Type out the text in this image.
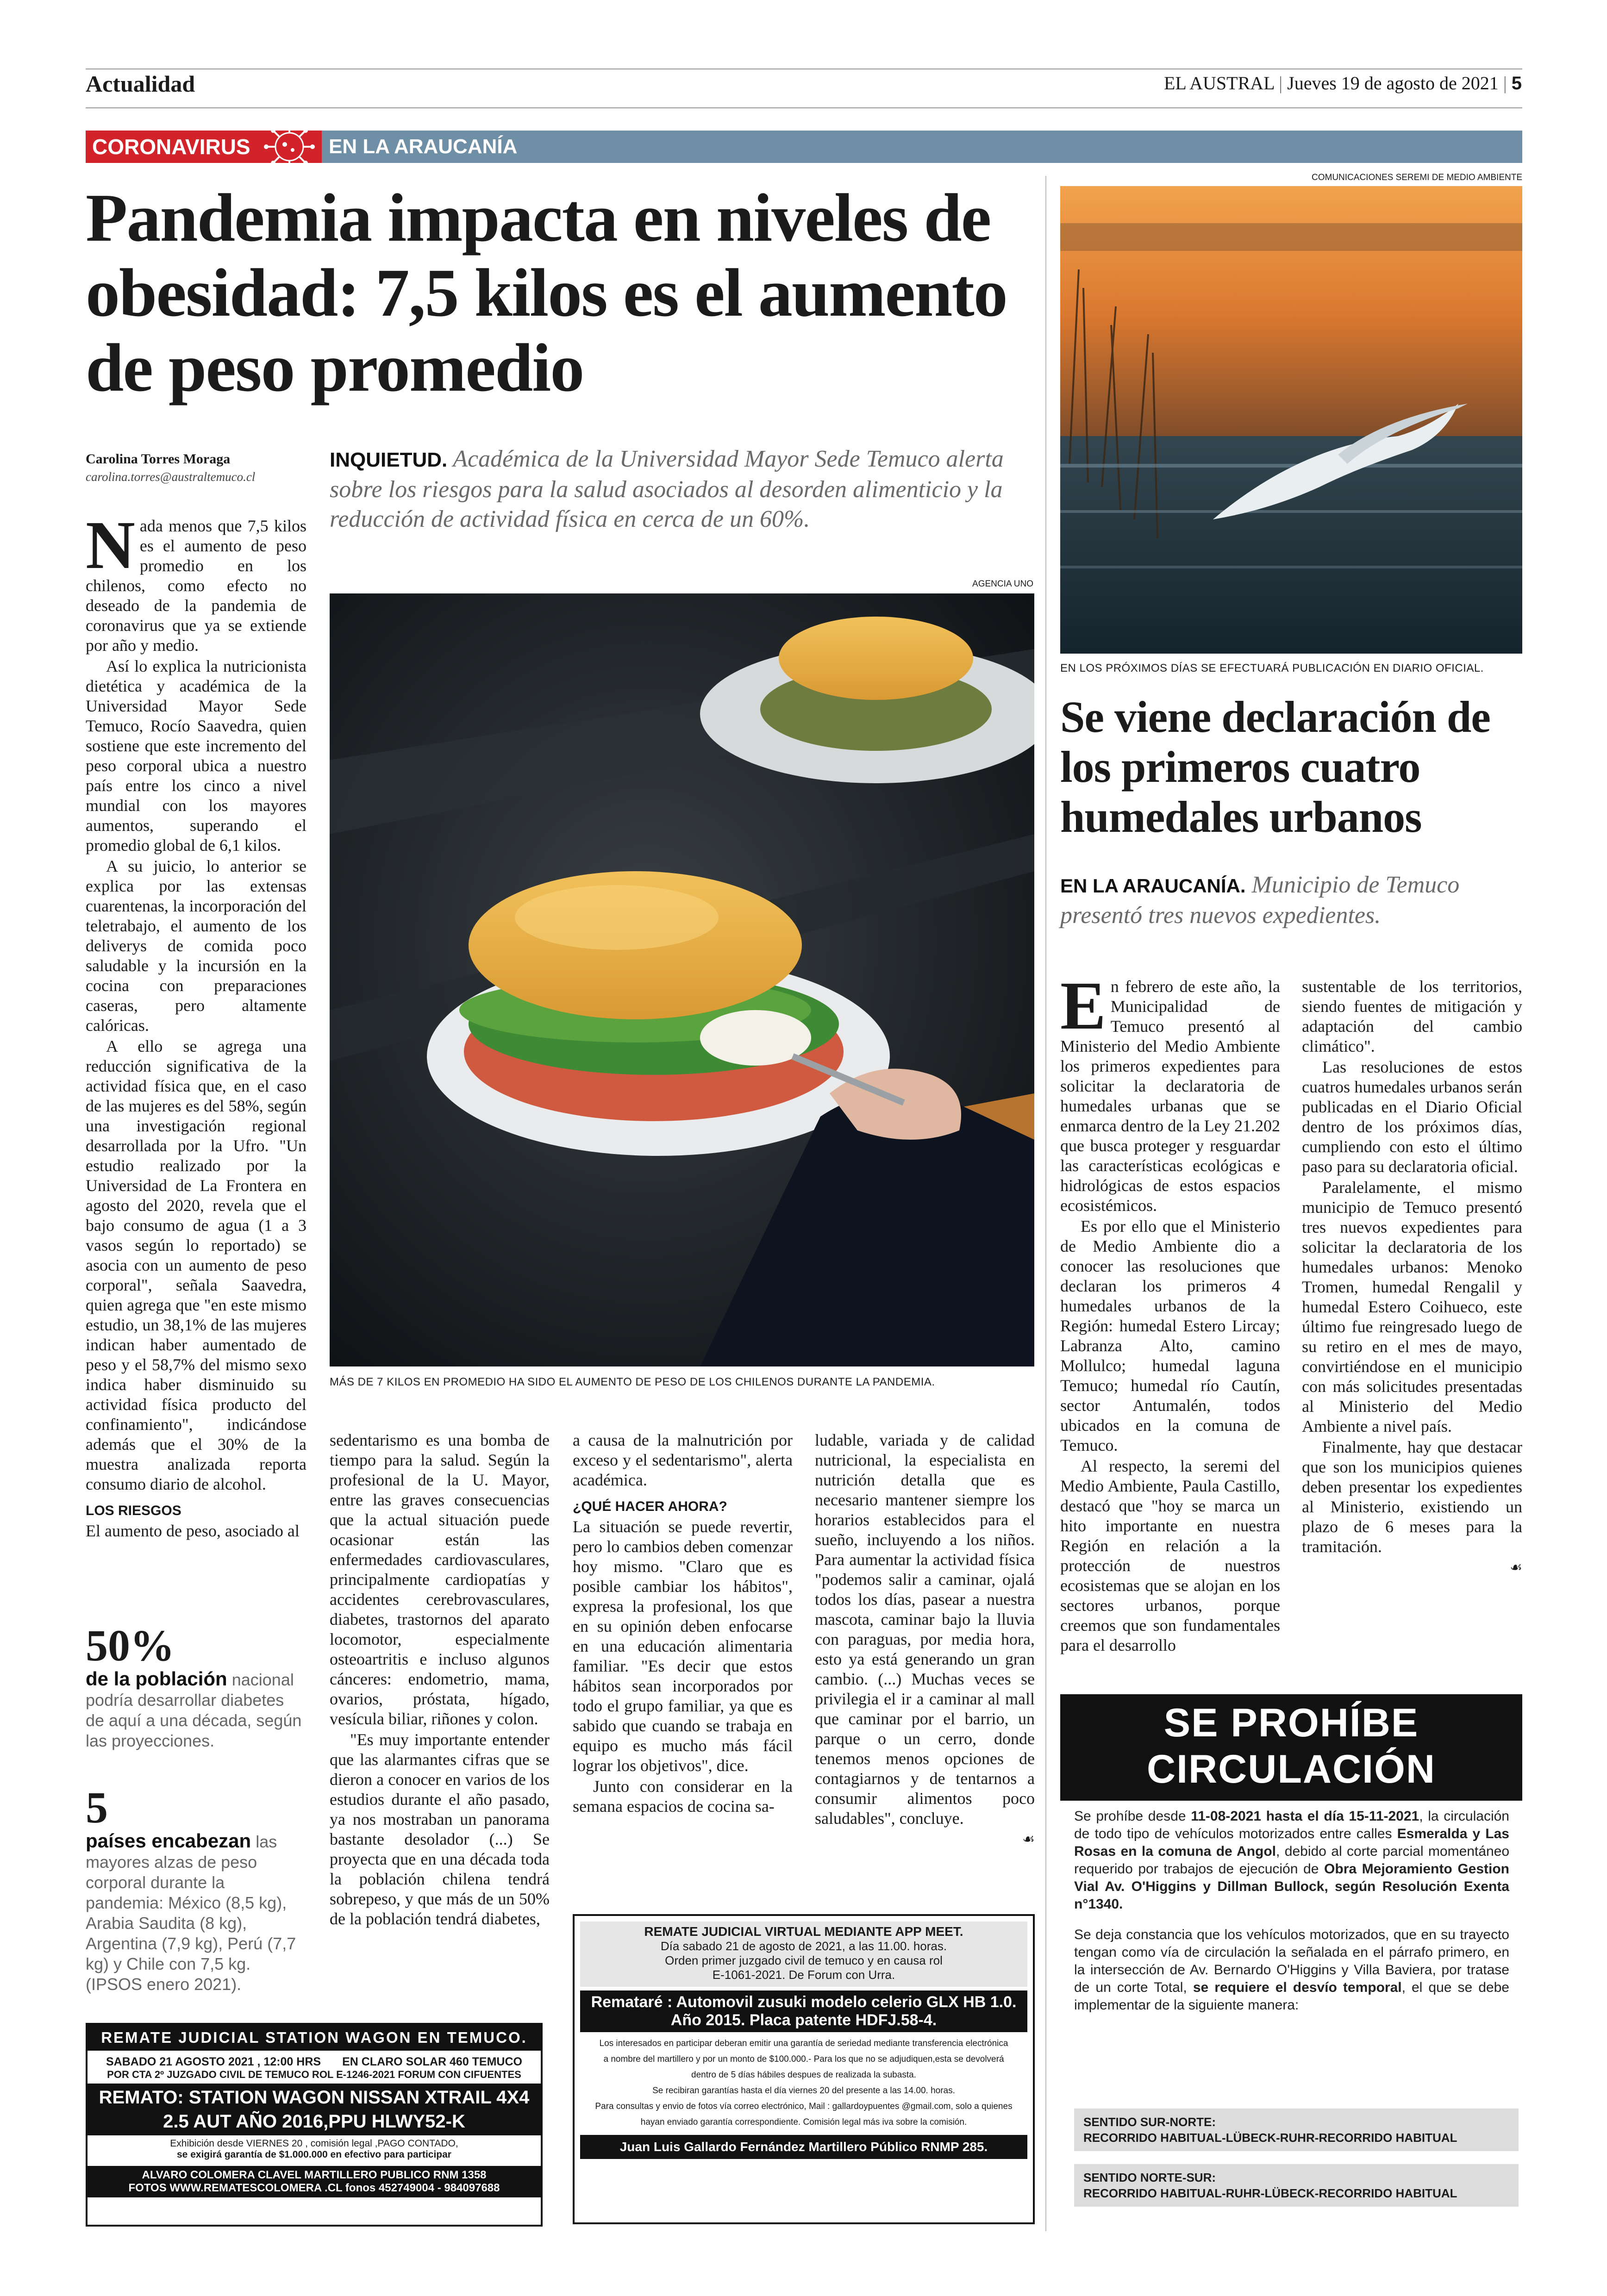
Actualidad	EL AUSTRAL | Jueves 19 de agosto de 2021 | 5
CORONAVIRUS	EN LA ARAUCANÍA
Pandemia impacta en niveles de obesidad: 7,5 kilos es el aumento de peso promedio
Carolina Torres Moraga
carolina.torres@australtemuco.cl
INQUIETUD. Académica de la Universidad Mayor Sede Temuco alerta sobre los riesgos para la salud asociados al desorden alimenticio y la reducción de actividad física en cerca de un 60%.
AGENCIA UNO
MÁS DE 7 KILOS EN PROMEDIO HA SIDO EL AUMENTO DE PESO DE LOS CHILENOS DURANTE LA PANDEMIA.

Nada menos que 7,5 kilos es el aumento de peso promedio en los chilenos, como efecto no deseado de la pandemia de coronavirus que ya se extiende por año y medio.

Así lo explica la nutricionista dietética y académica de la Universidad Mayor Sede Temuco, Rocío Saavedra, quien sostiene que este incremento del peso corporal ubica a nuestro país entre los cinco a nivel mundial con los mayores aumentos, superando el promedio global de 6,1 kilos.

A su juicio, lo anterior se explica por las extensas cuarentenas, la incorporación del teletrabajo, el aumento de los deliverys de comida poco saludable y la incursión en la cocina con preparaciones caseras, pero altamente calóricas.

A ello se agrega una reducción significativa de la actividad física que, en el caso de las mujeres es del 58%, según una investigación regional desarrollada por la Ufro. "Un estudio realizado por la Universidad de La Frontera en agosto del 2020, revela que el bajo consumo de agua (1 a 3 vasos según lo reportado) se asocia con un aumento de peso corporal", señala Saavedra, quien agrega que "en este mismo estudio, un 38,1% de las mujeres indican haber aumentado de peso y el 58,7% del mismo sexo indica haber disminuido su actividad física producto del confinamiento", indicándose además que el 30% de la muestra analizada reporta consumo diario de alcohol.

LOS RIESGOS

El aumento de peso, asociado al

50%
de la población nacional podría desarrollar diabetes de aquí a una década, según las proyecciones.
5
países encabezan las mayores alzas de peso corporal durante la pandemia: México (8,5 kg), Arabia Saudita (8 kg), Argentina (7,9 kg), Perú (7,7 kg) y Chile con 7,5 kg. (IPSOS enero 2021).

sedentarismo es una bomba de tiempo para la salud. Según la profesional de la U. Mayor, entre las graves consecuencias que la actual situación puede ocasionar están las enfermedades cardiovasculares, principalmente cardiopatías y accidentes cerebrovasculares, diabetes, trastornos del aparato locomotor, especialmente osteoartritis e incluso algunos cánceres: endometrio, mama, ovarios, próstata, hígado, vesícula biliar, riñones y colon.

"Es muy importante entender que las alarmantes cifras que se dieron a conocer en varios de los estudios durante el año pasado, ya nos mostraban un panorama bastante desolador (...) Se proyecta que en una década toda la población chilena tendrá sobrepeso, y que más de un 50% de la población tendrá diabetes,

a causa de la malnutrición por exceso y el sedentarismo", alerta académica.

¿QUÉ HACER AHORA?

La situación se puede revertir, pero lo cambios deben comenzar hoy mismo. "Claro que es posible cambiar los hábitos", expresa la profesional, los que en su opinión deben enfocarse en una educación alimentaria familiar. "Es decir que estos hábitos sean incorporados por todo el grupo familiar, ya que es sabido que cuando se trabaja en equipo es mucho más fácil lograr los objetivos", dice.

Junto con considerar en la semana espacios de cocina sa-

ludable, variada y de calidad nutricional, la especialista en nutrición detalla que es necesario mantener siempre los horarios establecidos para el sueño, incluyendo a los niños. Para aumentar la actividad física "podemos salir a caminar, ojalá todos los días, pasear a nuestra mascota, caminar bajo la lluvia con paraguas, por media hora, esto ya está generando un gran cambio. (...) Muchas veces se privilegia el ir a caminar al mall que caminar por el barrio, un parque o un cerro, donde tenemos menos opciones de contagiarnos y de tentarnos a consumir alimentos poco saludables", concluye.

☙
COMUNICACIONES SEREMI DE MEDIO AMBIENTE
EN LOS PRÓXIMOS DÍAS SE EFECTUARÁ PUBLICACIÓN EN DIARIO OFICIAL.
Se viene declaración de los primeros cuatro humedales urbanos
EN LA ARAUCANÍA. Municipio de Temuco presentó tres nuevos expedientes.

En febrero de este año, la Municipalidad de Temuco presentó al Ministerio del Medio Ambiente los primeros expedientes para solicitar la declaratoria de humedales urbanas que se enmarca dentro de la Ley 21.202 que busca proteger y resguardar las características ecológicas e hidrológicas de estos espacios ecosistémicos.

Es por ello que el Ministerio de Medio Ambiente dio a conocer las resoluciones que declaran los primeros 4 humedales urbanos de la Región: humedal Estero Lircay; Labranza Alto, camino Mollulco; humedal laguna Temuco; humedal río Cautín, sector Antumalén, todos ubicados en la comuna de Temuco.

Al respecto, la seremi del Medio Ambiente, Paula Castillo, destacó que "hoy se marca un hito importante en nuestra Región en relación a la protección de nuestros ecosistemas que se alojan en los sectores urbanos, porque creemos que son fundamentales para el desarrollo

sustentable de los territorios, siendo fuentes de mitigación y adaptación del cambio climático".

Las resoluciones de estos cuatros humedales urbanos serán publicadas en el Diario Oficial dentro de los próximos días, cumpliendo con esto el último paso para su declaratoria oficial.

Paralelamente, el mismo municipio de Temuco presentó tres nuevos expedientes para solicitar la declaratoria de los humedales urbanos: Menoko Tromen, humedal Rengalil y humedal Estero Coihueco, este último fue reingresado luego de su retiro en el mes de mayo, convirtiéndose en el municipio con más solicitudes presentadas al Ministerio del Medio Ambiente a nivel país.

Finalmente, hay que destacar que son los municipios quienes deben presentar los expedientes al Ministerio, existiendo un plazo de 6 meses para la tramitación.

☙
REMATE JUDICIAL STATION WAGON EN TEMUCO.
SABADO 21 AGOSTO 2021 , 12:00 HRS EN CLARO SOLAR 460 TEMUCO
POR CTA 2º JUZGADO CIVIL DE TEMUCO ROL E-1246-2021 FORUM CON CIFUENTES
REMATO: STATION WAGON NISSAN XTRAIL 4X4 2.5 AUT AÑO 2016,PPU HLWY52-K
Exhibición desde VIERNES 20 , comisión legal ,PAGO CONTADO,
se exigirá garantía de $1.000.000 en efectivo para participar
ALVARO COLOMERA CLAVEL MARTILLERO PUBLICO RNM 1358
FOTOS WWW.REMATESCOLOMERA .CL fonos 452749004 - 984097688
REMATE JUDICIAL VIRTUAL MEDIANTE APP MEET.
Día sabado 21 de agosto de 2021, a las 11.00. horas.
Orden primer juzgado civil de temuco y en causa rol
E-1061-2021. De Forum con Urra.
Remataré : Automovil zusuki modelo celerio GLX HB 1.0.
Año 2015. Placa patente HDFJ.58-4.
Los interesados en participar deberan emitir una garantía de seriedad mediante transferencia electrónica
a nombre del martillero y por un monto de $100.000.- Para los que no se adjudiquen,esta se devolverá
dentro de 5 días hábiles despues de realizada la subasta.
Se recibiran garantías hasta el día viernes 20 del presente a las 14.00. horas.
Para consultas y envio de fotos vía correo electrónico, Mail : gallardoypuentes @gmail.com, solo a quienes
hayan enviado garantía correspondiente. Comisión legal más iva sobre la comisión.
Juan Luis Gallardo Fernández Martillero Público RNMP 285.
SE PROHÍBE
CIRCULACIÓN

Se prohíbe desde 11-08-2021 hasta el día 15-11-2021, la circulación de todo tipo de vehículos motorizados entre calles Esmeralda y Las Rosas en la comuna de Angol, debido al corte parcial momentáneo requerido por trabajos de ejecución de Obra Mejoramiento Gestion Vial Av. O'Higgins y Dillman Bullock, según Resolución Exenta n°1340.

Se deja constancia que los vehículos motorizados, que en su trayecto tengan como vía de circulación la señalada en el párrafo primero, en la intersección de Av. Bernardo O'Higgins y Villa Baviera, por tratase de un corte Total, se requiere el desvío temporal, el que se debe implementar de la siguiente manera:

SENTIDO SUR-NORTE:
RECORRIDO HABITUAL-LÜBECK-RUHR-RECORRIDO HABITUAL
SENTIDO NORTE-SUR:
RECORRIDO HABITUAL-RUHR-LÜBECK-RECORRIDO HABITUAL
